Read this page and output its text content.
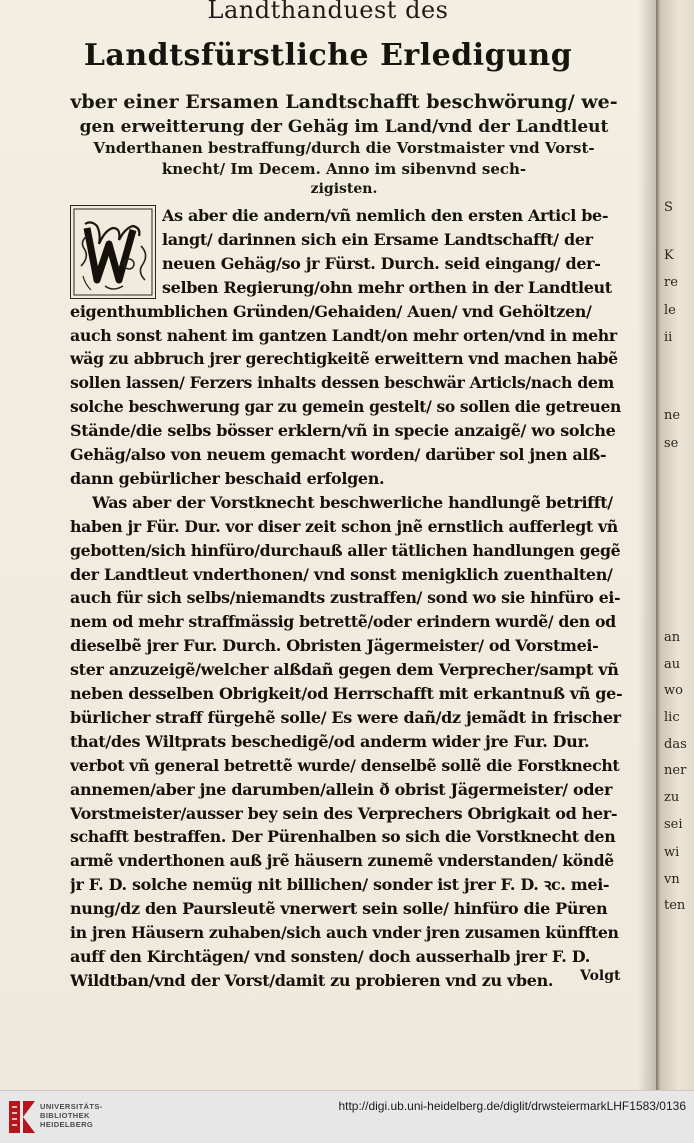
Landthanduest des
Landtsfürstliche Erledigung
vber einer Ersamen Landtschafft beschwörung/ we-
gen erweitterung der Gehäg im Land/vnd der Landtleut
Vnderthanen bestraffung/durch die Vorstmaister vnd Vorst-
knecht/ Im Decem. Anno im sibenvnd sech-
zigisten.
As aber die andern/vñ nemlich den ersten Articl be-
langt/ darinnen sich ein Ersame Landtschafft/ der
neuen Gehäg/so jr Fürst. Durch. seid eingang/ der-
selben Regierung/ohn mehr orthen in der Landtleut
eigenthumblichen Gründen/Gehaiden/ Auen/ vnd Gehöltzen/
auch sonst nahent im gantzen Landt/on mehr orten/vnd in mehr
wäg zu abbruch jrer gerechtigkeitẽ erweittern vnd machen habẽ
sollen lassen/ Ferzers inhalts dessen beschwär Articls/nach dem
solche beschwerung gar zu gemein gestelt/ so sollen die getreuen
Stände/die selbs bösser erklern/vñ in specie anzaigẽ/ wo solche
Gehäg/also von neuem gemacht worden/ darüber sol jnen alß-
dann gebürlicher beschaid erfolgen.
Was aber der Vorstknecht beschwerliche handlungẽ betrifft/
haben jr Für. Dur. vor diser zeit schon jnẽ ernstlich aufferlegt vñ
gebotten/sich hinfüro/durchauß aller tätlichen handlungen gegẽ
der Landtleut vnderthonen/ vnd sonst menigklich zuenthalten/
auch für sich selbs/niemandts zustraffen/ sond wo sie hinfüro ei-
nem od mehr straffmässig betrettẽ/oder erindern wurdẽ/ den od
dieselbẽ jrer Fur. Durch. Obristen Jägermeister/ od Vorstmei-
ster anzuzeigẽ/welcher alßdañ gegen dem Verprecher/sampt vñ
neben desselben Obrigkeit/od Herrschafft mit erkantnuß vñ ge-
bürlicher straff fürgehẽ solle/ Es were dañ/dz jemãdt in frischer
that/des Wiltprats beschedigẽ/od anderm wider jre Fur. Dur.
verbot vñ general betrettẽ wurde/ denselbẽ sollẽ die Forstknecht
annemen/aber jne darumben/allein ð obrist Jägermeister/ oder
Vorstmeister/ausser bey sein des Verprechers Obrigkait od her-
schafft bestraffen. Der Pürenhalben so sich die Vorstknecht den
armẽ vnderthonen auß jrẽ häusern zunemẽ vnderstanden/ köndẽ
jr F. D. solche nemüg nit billichen/ sonder ist jrer F. D. ꝛc. mei-
nung/dz den Paursleutẽ vnerwert sein solle/ hinfüro die Püren
in jren Häusern zuhaben/sich auch vnder jren zusamen künfften
auff den Kirchtägen/ vnd sonsten/ doch ausserhalb jrer F. D.
Wildtban/vnd der Vorst/damit zu probieren vnd zu vben. Volgt
S
K
re
le
ii
ne
se
an
au
wo
lic
das
ner
zu
sei
wi
vn
ten
UNIVERSITÄTS-
BIBLIOTHEK
HEIDELBERG
http://digi.ub.uni-heidelberg.de/diglit/drwsteiermarkLHF1583/0136
